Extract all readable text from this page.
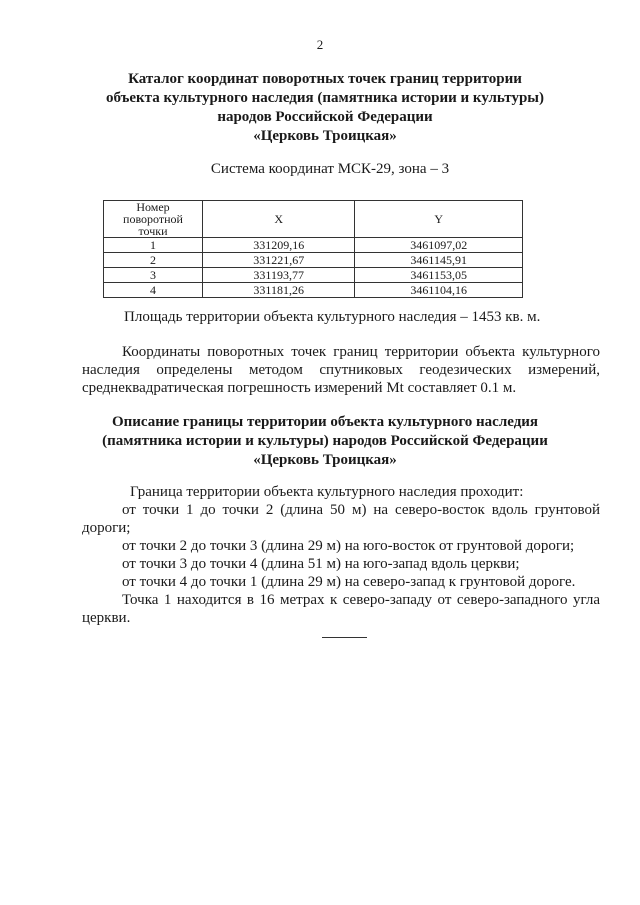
2
Каталог координат поворотных точек границ территории
объекта культурного наследия (памятника истории и культуры)
народов Российской Федерации
«Церковь Троицкая»
Система координат МСК-29, зона – 3
Номер поворотной точки	X	Y
1	331209,16	3461097,02
2	331221,67	3461145,91
3	331193,77	3461153,05
4	331181,26	3461104,16
Площадь территории объекта культурного наследия – 1453 кв. м.

Координаты поворотных точек границ территории объекта культурного наследия определены методом спутниковых геодезических измерений, среднеквадратическая погрешность измерений Mt составляет 0.1 м.

Описание границы территории объекта культурного наследия
(памятника истории и культуры) народов Российской Федерации
«Церковь Троицкая»

Граница территории объекта культурного наследия проходит:

от точки 1 до точки 2 (длина 50 м) на северо-восток вдоль грунтовой дороги;

от точки 2 до точки 3 (длина 29 м) на юго-восток от грунтовой дороги;

от точки 3 до точки 4 (длина 51 м) на юго-запад вдоль церкви;

от точки 4 до точки 1 (длина 29 м) на северо-запад к грунтовой дороге.

Точка 1 находится в 16 метрах к северо-западу от северо-западного угла церкви.
